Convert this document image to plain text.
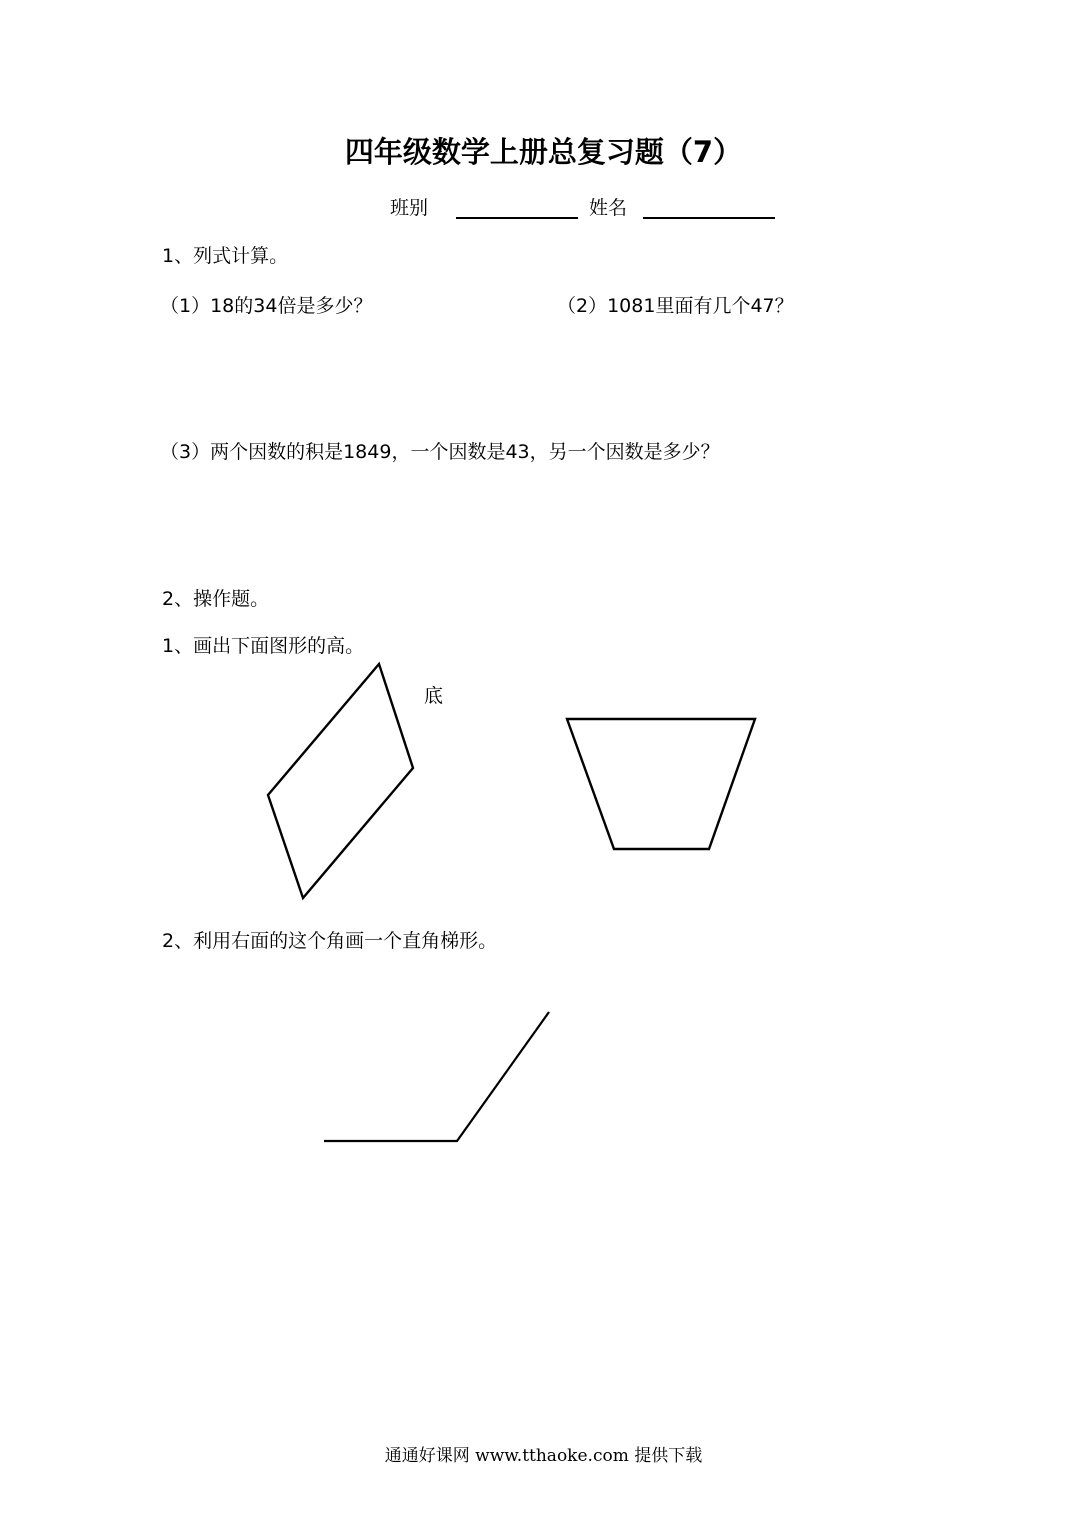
四年级数学上册总复习题（7）
班别	姓名
1、列式计算。
（1）18的34倍是多少？	（2）1081里面有几个47？
（3）两个因数的积是1849，一个因数是43，另一个因数是多少？
2、操作题。
1、画出下面图形的高。
底
2、利用右面的这个角画一个直角梯形。
通通好课网 www.tthaoke.com 提供下载
